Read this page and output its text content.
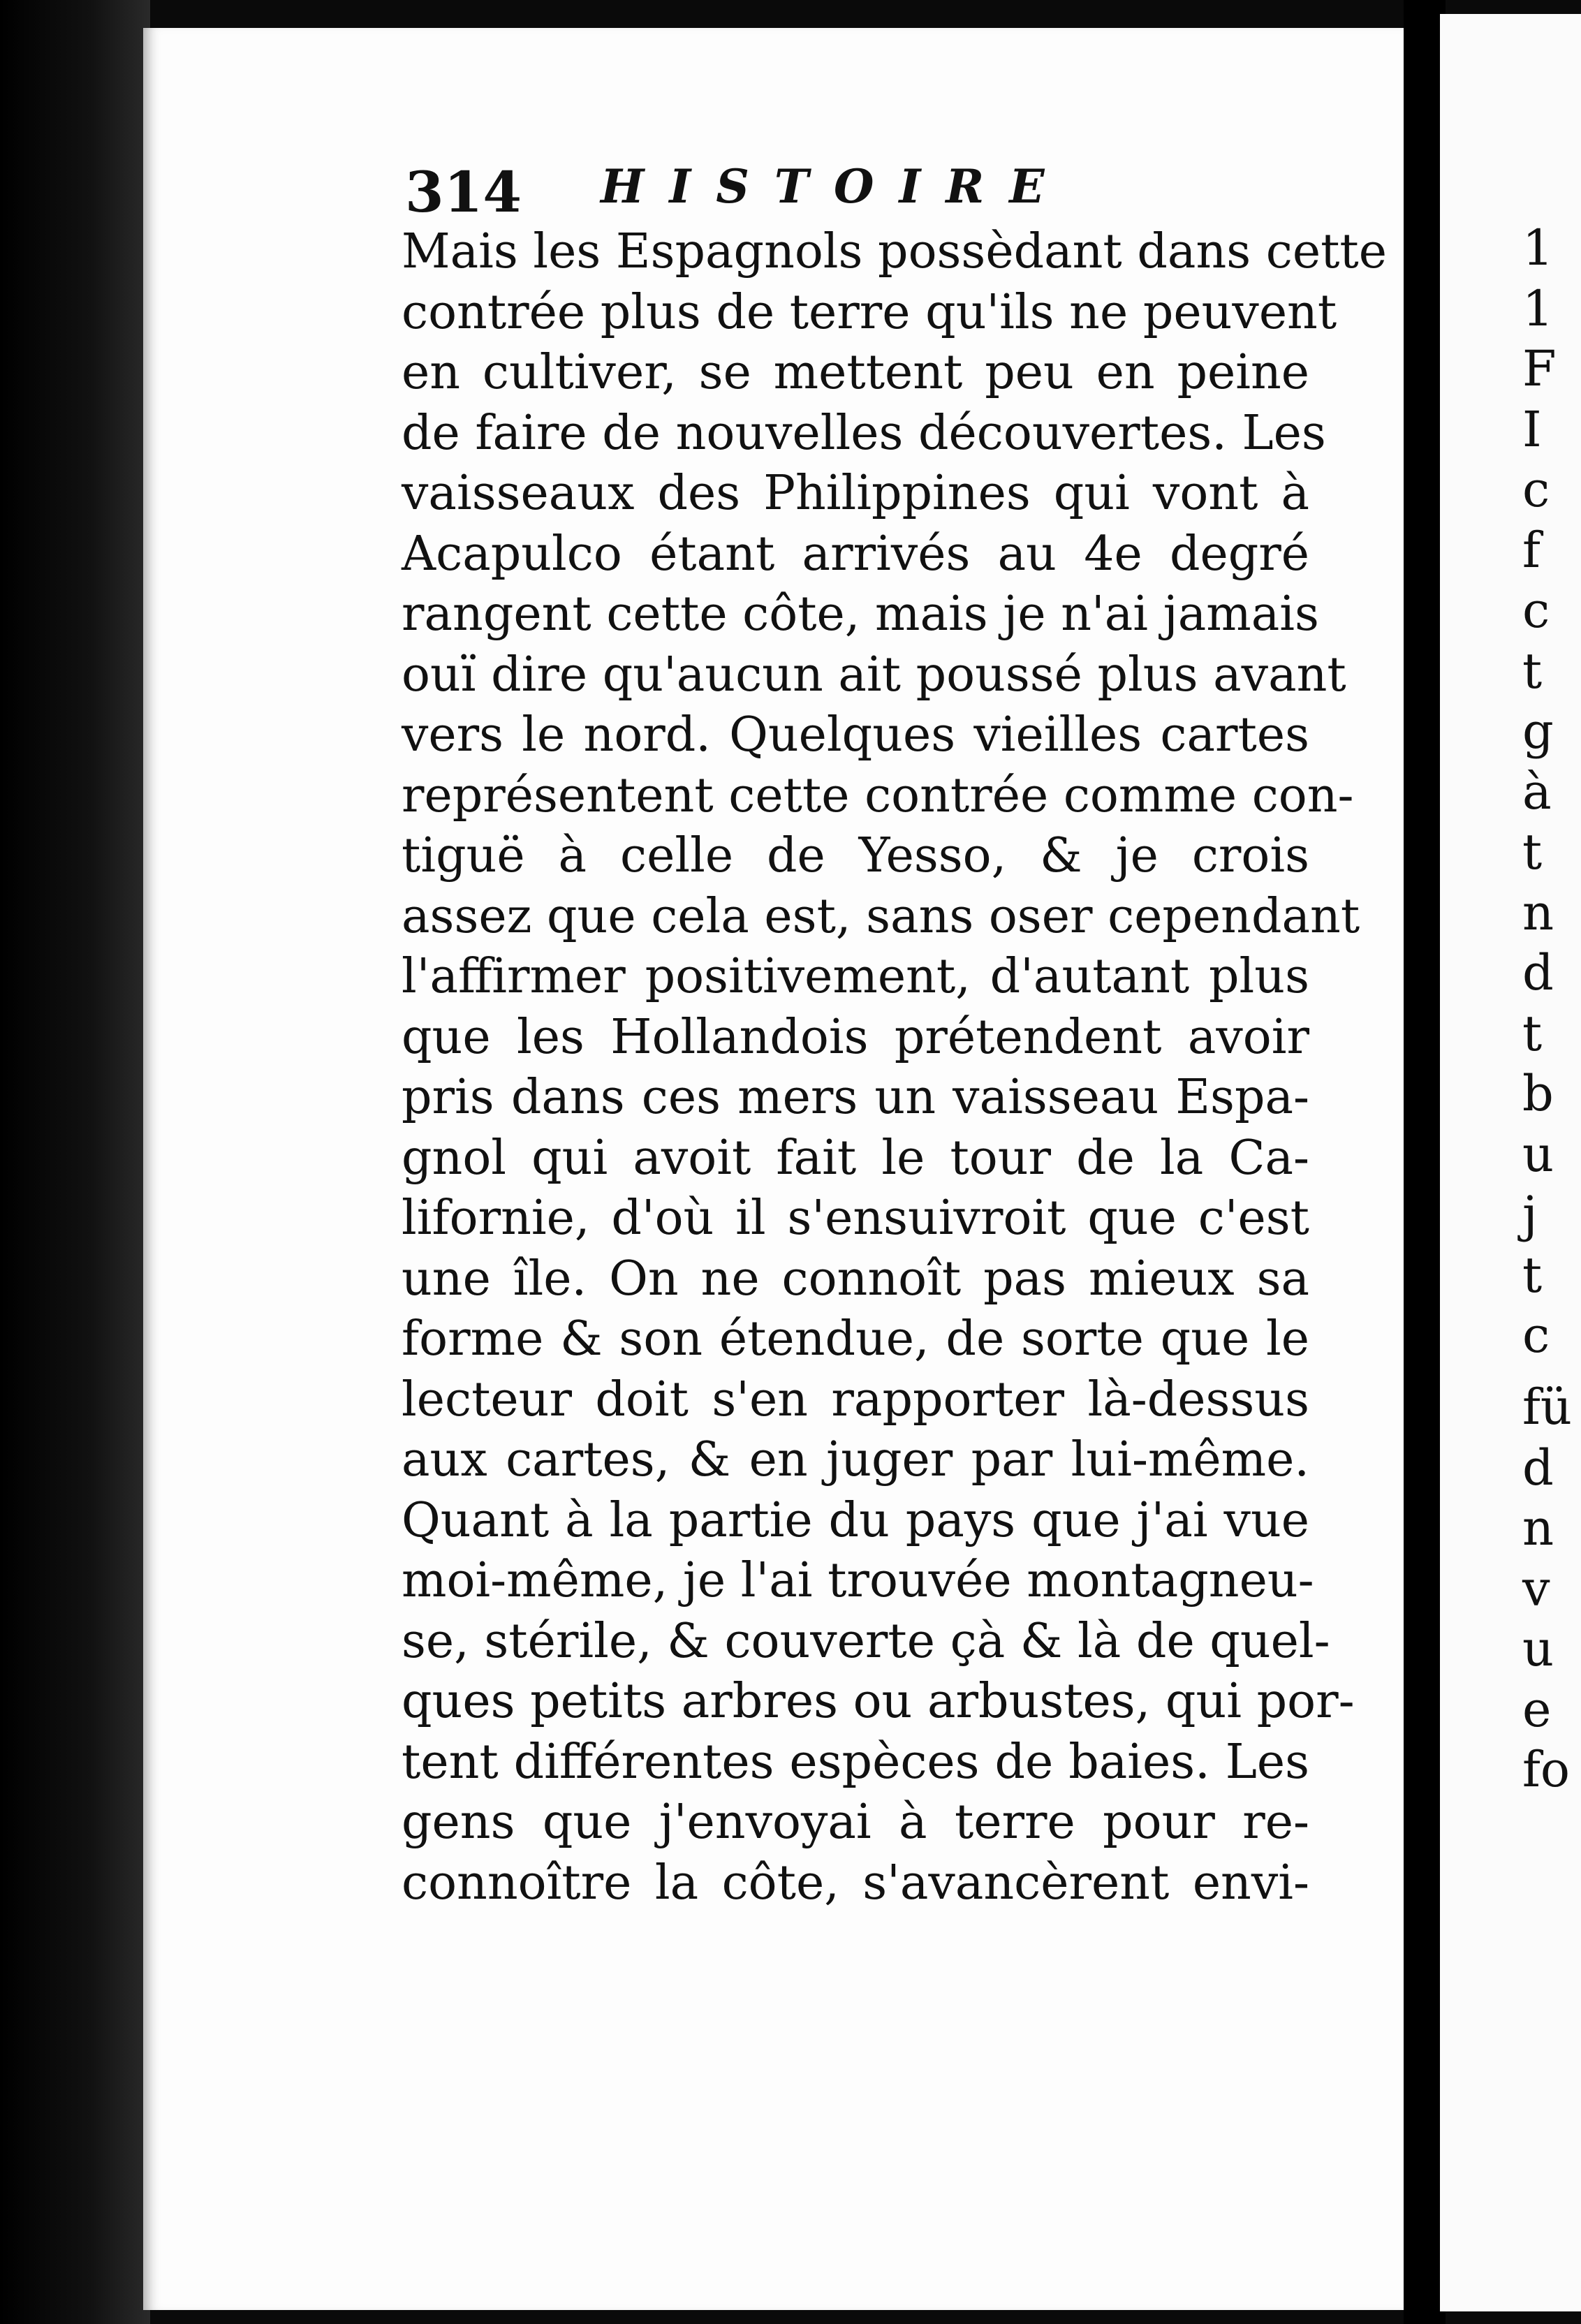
1
1
F
I
c
f
c
t
g
à
t
n
d
t
b
u
j
t
c
fü
d
n
v
u
e
fo
314 HISTOIRE
Mais les Espagnols possèdant dans cette
contrée plus de terre qu'ils ne peuvent
en cultiver, se mettent peu en peine
de faire de nouvelles découvertes. Les
vaisseaux des Philippines qui vont à
Acapulco étant arrivés au 4e degré
rangent cette côte, mais je n'ai jamais
ouï dire qu'aucun ait poussé plus avant
vers le nord. Quelques vieilles cartes
représentent cette contrée comme con-
tiguë à celle de Yesso, & je crois
assez que cela est, sans oser cependant
l'affirmer positivement, d'autant plus
que les Hollandois prétendent avoir
pris dans ces mers un vaisseau Espa-
gnol qui avoit fait le tour de la Ca-
lifornie, d'où il s'ensuivroit que c'est
une île. On ne connoît pas mieux sa
forme & son étendue, de sorte que le
lecteur doit s'en rapporter là-dessus
aux cartes, & en juger par lui-même.
Quant à la partie du pays que j'ai vue
moi-même, je l'ai trouvée montagneu-
se, stérile, & couverte çà & là de quel-
ques petits arbres ou arbustes, qui por-
tent différentes espèces de baies. Les
gens que j'envoyai à terre pour re-
connoître la côte, s'avancèrent envi-
